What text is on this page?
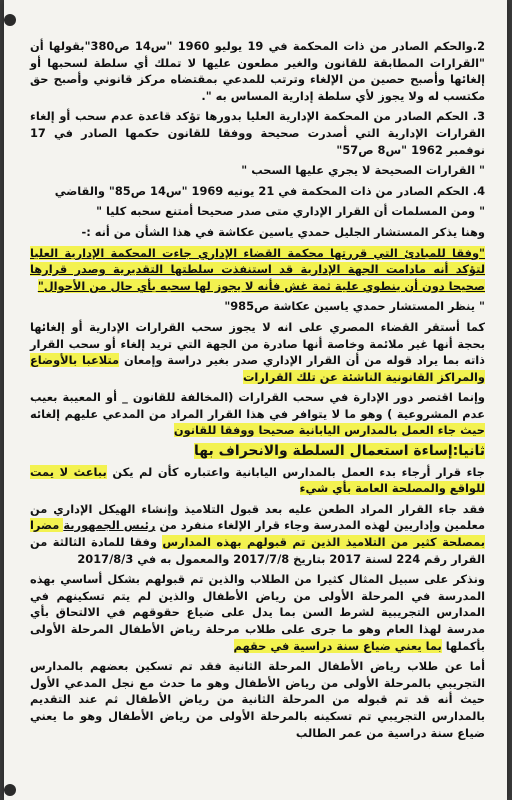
2.والحكم الصادر من ذات المحكمة في 19 يوليو 1960 "س14 ص380"بقولها أن "القرارات المطابقة للقانون والغير مطعون عليها لا تملك أي سلطة لسحبها أو إلغائها وأصبح حصين من الإلغاء وترتب للمدعي بمقتضاه مركز قانوني وأصبح حق مكتسب له ولا يجوز لأي سلطة إدارية المساس به ".

3. الحكم الصادر من المحكمة الإدارية العليا بدورها تؤكد قاعدة عدم سحب أو إلغاء القرارات الإدارية التي أصدرت صحيحة ووفقا للقانون حكمها الصادر في 17 نوفمبر 1962 "س8 ص57"

" القرارات الصحيحة لا يجري عليها السحب "

4. الحكم الصادر من ذات المحكمة في 21 يونيه 1969 "س14 ص85" والقاضي

" ومن المسلمات أن القرار الإداري متى صدر صحيحا أمتنع سحبه كليا "

وهنا يذكر المستشار الجليل حمدي ياسين عكاشة في هذا الشأن من أنه :-

"وفقا للمبادئ التي قررتها محكمة القضاء الإداري جاءت المحكمة الإدارية العليا لتؤكد أنه مادامت الجهة الإدارية قد استنفذت سلطتها التقديرية وصدر قرارها صحيحا دون أن ينطوي علية ثمة غش فأنه لا يجوز لها سحبه بأي حال من الأحوال"

" ينظر المستشار حمدي ياسين عكاشة ص985"

كما أستقر القضاء المصري على انه لا يجوز سحب القرارات الإدارية أو إلغائها بحجة أنها غير ملائمة وخاصة أنها صادرة من الجهة التي تريد إلغاء أو سحب القرار ذاته بما يراد قوله من أن القرار الإداري صدر بغير دراسة وإمعان متلاعبا بالأوضاع والمراكز القانونية الناشئة عن تلك القرارات

وإنما اقتصر دور الإدارة في سحب القرارات (المخالفة للقانون _ أو المعيبة بعيب عدم المشروعية ) وهو ما لا يتوافر في هذا القرار المراد من المدعي عليهم إلغائه حيث جاء العمل بالمدارس اليابانية صحيحا ووفقا للقانون

ثانيا:إساءة استعمال السلطة والانحراف بها

جاء قرار أرجاء بدء العمل بالمدارس اليابانية واعتباره كأن لم يكن بباعث لا يمت للواقع والمصلحة العامة بأي شيء

فقد جاء القرار المراد الطعن عليه بعد قبول التلاميذ وإنشاء الهيكل الإداري من معلمين وإداريين لهذه المدرسة وجاء قرار الإلغاء منفرد من رئيس الجمهورية مضرا بمصلحة كثير من التلاميذ الذين تم قبولهم بهذه المدارس وفقا للمادة الثالثة من القرار رقم 224 لسنة 2017 بتاريخ 2017/7/8 والمعمول به في 2017/8/3

ونذكر على سبيل المثال كثيرا من الطلاب والذين تم قبولهم بشكل أساسي بهذه المدرسة في المرحلة الأولى من رياض الأطفال والذين لم يتم تسكينهم في المدارس التجريبية لشرط السن بما يدل على ضياع حقوقهم في الالتحاق بأي مدرسة لهذا العام وهو ما جرى على طلاب مرحلة رياض الأطفال المرحلة الأولى بأكملها بما يعني ضياع سنة دراسية في حقهم

أما عن طلاب رياض الأطفال المرحلة الثانية فقد تم تسكين بعضهم بالمدارس التجريبي بالمرحلة الأولى من رياض الأطفال وهو ما حدث مع نجل المدعي الأول حيث أنه قد تم قبوله من المرحلة الثانية من رياض الأطفال ثم عند التقديم بالمدارس التجريبي تم تسكينه بالمرحلة الأولى من رياض الأطفال وهو ما يعني ضياع سنة دراسية من عمر الطالب
